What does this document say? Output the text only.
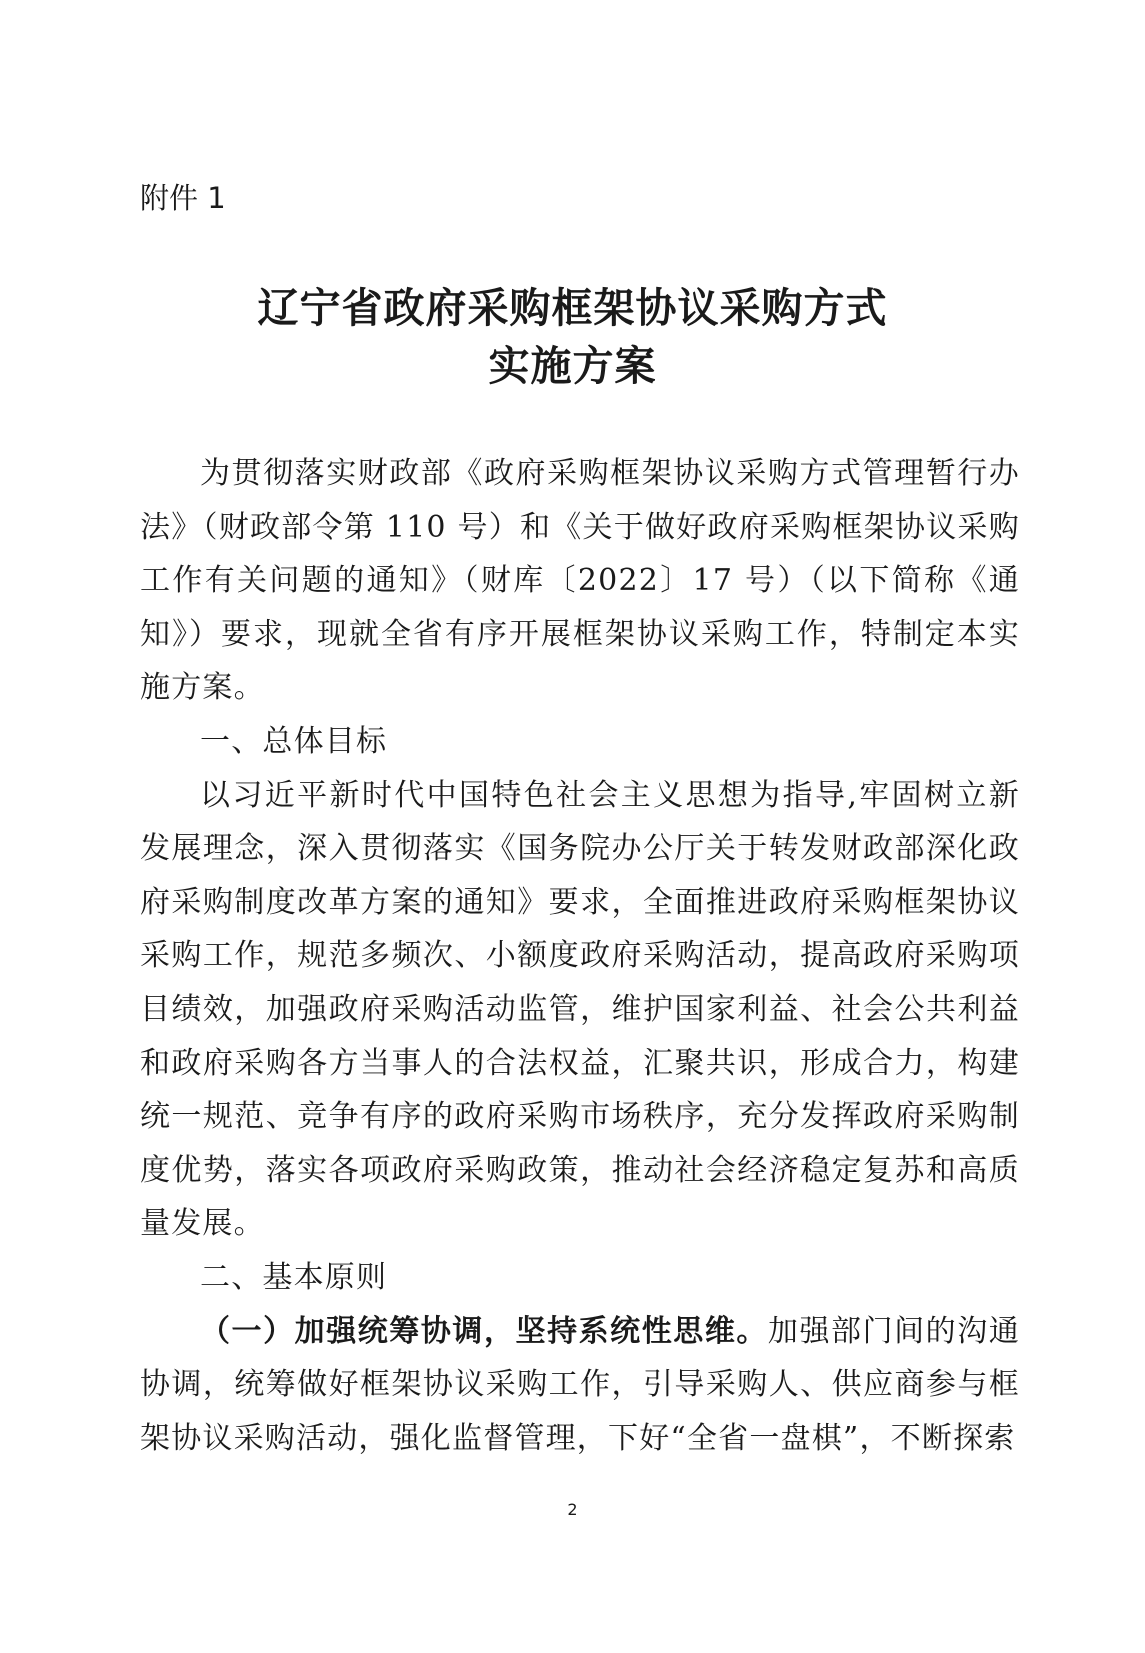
附件 1
辽宁省政府采购框架协议采购方式
实施方案

为贯彻落实财政部《政府采购框架协议采购方式管理暂行办法》（财政部令第 110 号）和《关于做好政府采购框架协议采购工作有关问题的通知》（财库〔2022〕17 号）（以下简称《通知》）要求，现就全省有序开展框架协议采购工作，特制定本实施方案。

一、总体目标

以习近平新时代中国特色社会主义思想为指导,牢固树立新发展理念，深入贯彻落实《国务院办公厅关于转发财政部深化政府采购制度改革方案的通知》要求，全面推进政府采购框架协议采购工作，规范多频次、小额度政府采购活动，提高政府采购项目绩效，加强政府采购活动监管，维护国家利益、社会公共利益和政府采购各方当事人的合法权益，汇聚共识，形成合力，构建统一规范、竞争有序的政府采购市场秩序，充分发挥政府采购制度优势，落实各项政府采购政策，推动社会经济稳定复苏和高质量发展。

二、基本原则

（一）加强统筹协调，坚持系统性思维。加强部门间的沟通协调，统筹做好框架协议采购工作，引导采购人、供应商参与框架协议采购活动，强化监督管理，下好“全省一盘棋”，不断探索

2
